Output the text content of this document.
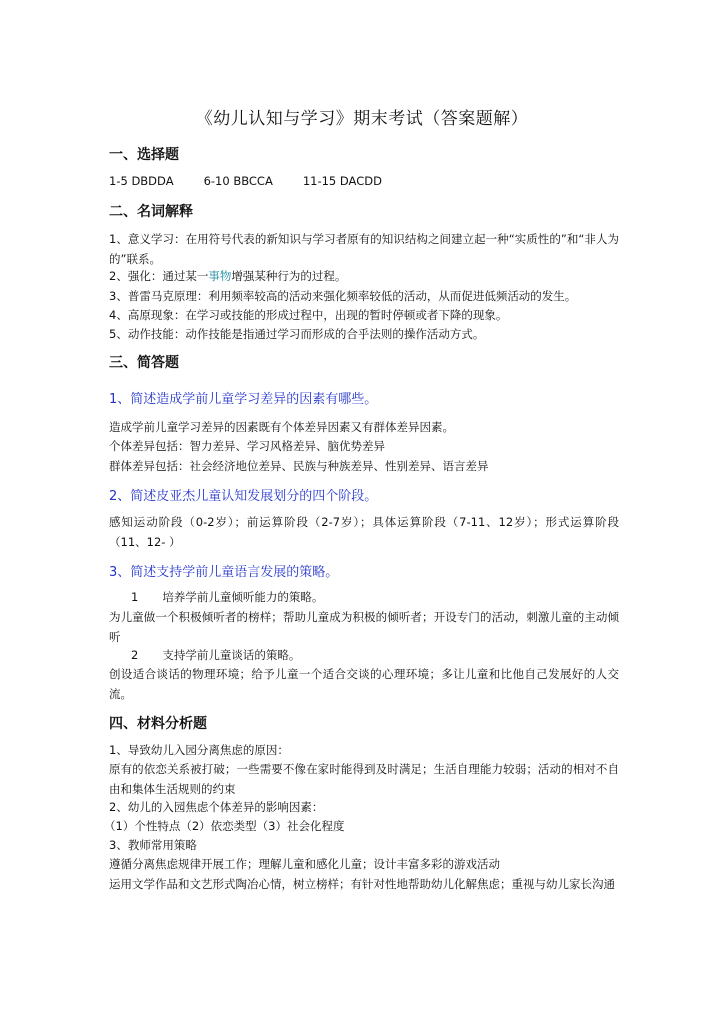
《幼儿认知与学习》期末考试（答案题解）
一、选择题
1-5 DBDDA	6-10 BBCCA	11-15 DACDD
二、名词解释
1、意义学习：在用符号代表的新知识与学习者原有的知识结构之间建立起一种“实质性的”和“非人为的”联系。
2、强化：通过某一事物增强某种行为的过程。
3、普雷马克原理：利用频率较高的活动来强化频率较低的活动，从而促进低频活动的发生。
4、高原现象：在学习或技能的形成过程中，出现的暂时停顿或者下降的现象。
5、动作技能：动作技能是指通过学习而形成的合乎法则的操作活动方式。
三、简答题
1、简述造成学前儿童学习差异的因素有哪些。
造成学前儿童学习差异的因素既有个体差异因素又有群体差异因素。
个体差异包括：智力差异、学习风格差异、脑优势差异
群体差异包括：社会经济地位差异、民族与种族差异、性别差异、语言差异
2、简述皮亚杰儿童认知发展划分的四个阶段。
感知运动阶段（0-2岁）；前运算阶段（2-7岁）；具体运算阶段（7-11、12岁）；形式运算阶段（11、12- ）
3、简述支持学前儿童语言发展的策略。
1 培养学前儿童倾听能力的策略。
为儿童做一个积极倾听者的榜样；帮助儿童成为积极的倾听者；开设专门的活动，刺激儿童的主动倾听
2 支持学前儿童谈话的策略。
创设适合谈话的物理环境；给予儿童一个适合交谈的心理环境；多让儿童和比他自己发展好的人交流。
四、材料分析题
1、导致幼儿入园分离焦虑的原因：
原有的依恋关系被打破；一些需要不像在家时能得到及时满足；生活自理能力较弱；活动的相对不自由和集体生活规则的约束
2、幼儿的入园焦虑个体差异的影响因素：
（1）个性特点（2）依恋类型（3）社会化程度
3、教师常用策略
遵循分离焦虑规律开展工作；理解儿童和感化儿童；设计丰富多彩的游戏活动
运用文学作品和文艺形式陶冶心情，树立榜样；有针对性地帮助幼儿化解焦虑；重视与幼儿家长沟通
